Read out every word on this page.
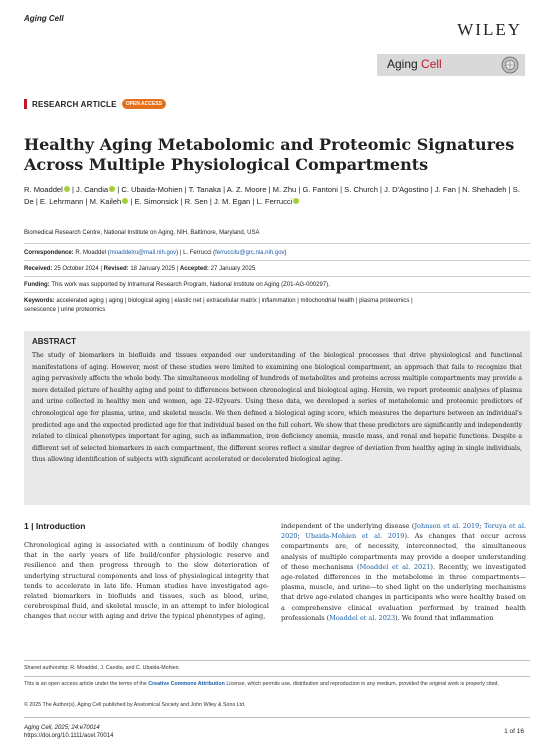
Aging Cell
WILEY
Aging Cell
RESEARCH ARTICLE	OPEN ACCESS
Healthy Aging Metabolomic and Proteomic Signatures
Across Multiple Physiological Compartments
R. Moaddel | J. Candia | C. Ubaida-Mohien | T. Tanaka | A. Z. Moore | M. Zhu | G. Fantoni | S. Church | J. D'Agostino | J. Fan | N. Shehadeh | S. De | E. Lehrmann | M. Kaileh | E. Simonsick | R. Sen | J. M. Egan | L. Ferrucci
Biomedical Research Centre, National Institute on Aging, NIH, Baltimore, Maryland, USA
Correspondence: R. Moaddel (moaddelru@mail.nih.gov) | L. Ferrucci (ferruccilu@grc.nia.nih.gov)
Received: 25 October 2024 | Revised: 18 January 2025 | Accepted: 27 January 2025
Funding: This work was supported by Intramural Research Program, National Institute on Aging (Z01-AG-000297).
Keywords: accelerated aging | aging | biological aging | elastic net | extracellular matrix | inflammation | mitochondrial health | plasma proteomics |
senescence | urine proteomics
ABSTRACT
The study of biomarkers in biofluids and tissues expanded our understanding of the biological processes that drive physiological and functional manifestations of aging. However, most of these studies were limited to examining one biological compartment, an approach that fails to recognize that aging pervasively affects the whole body. The simultaneous modeling of hundreds of metabolites and proteins across multiple compartments may provide a more detailed picture of healthy aging and point to differences between chronological and biological aging. Herein, we report proteomic analyses of plasma and urine collected in healthy men and women, age 22–92years. Using these data, we developed a series of metabolomic and proteomic predictors of chronological age for plasma, urine, and skeletal muscle. We then defined a biological aging score, which measures the departure between an individual's predicted age and the expected predicted age for that individual based on the full cohort. We show that these predictors are significantly and independently related to clinical phenotypes important for aging, such as inflammation, iron deficiency anemia, muscle mass, and renal and hepatic functions. Despite a different set of selected biomarkers in each compartment, the different scores reflect a similar degree of deviation from healthy aging in single individuals, thus allowing identification of subjects with significant accelerated or decelerated biological aging.
1 | Introduction
Chronological aging is associated with a continuum of bodily changes that in the early years of life build/confer physiologic reserve and resilience and then progress through to the slow deterioration of underlying structural components and loss of physiological integrity that tends to accelerate in late life. Human studies have investigated age-related biomarkers in biofluids and tissues, such as blood, urine, cerebrospinal fluid, and skeletal muscle, in an attempt to infer biological changes that occur with aging and drive the typical phenotypes of aging,
independent of the underlying disease (Johnson et al. 2019; Teruya et al. 2020; Ubaida-Mohien et al. 2019). As changes that occur across compartments are, of necessity, interconnected, the simultaneous analysis of multiple compartments may provide a deeper understanding of these mechanisms (Moaddel et al. 2021). Recently, we investigated age-related differences in the metabolome in three compartments—plasma, muscle, and urine—to shed light on the underlying mechanisms that drive age-related changes in participants who were healthy based on a comprehensive clinical evaluation performed by trained health professionals (Moaddel et al. 2023). We found that inflammation
Shared authorship: R. Moaddel, J. Candia, and C. Ubaida-Mohien.
This is an open access article under the terms of the Creative Commons Attribution License, which permits use, distribution and reproduction in any medium, provided the original work is properly cited.
© 2025 The Author(s). Aging Cell published by Anatomical Society and John Wiley & Sons Ltd.
Aging Cell, 2025; 24:e70014
https://doi.org/10.1111/acel.70014
1 of 16
